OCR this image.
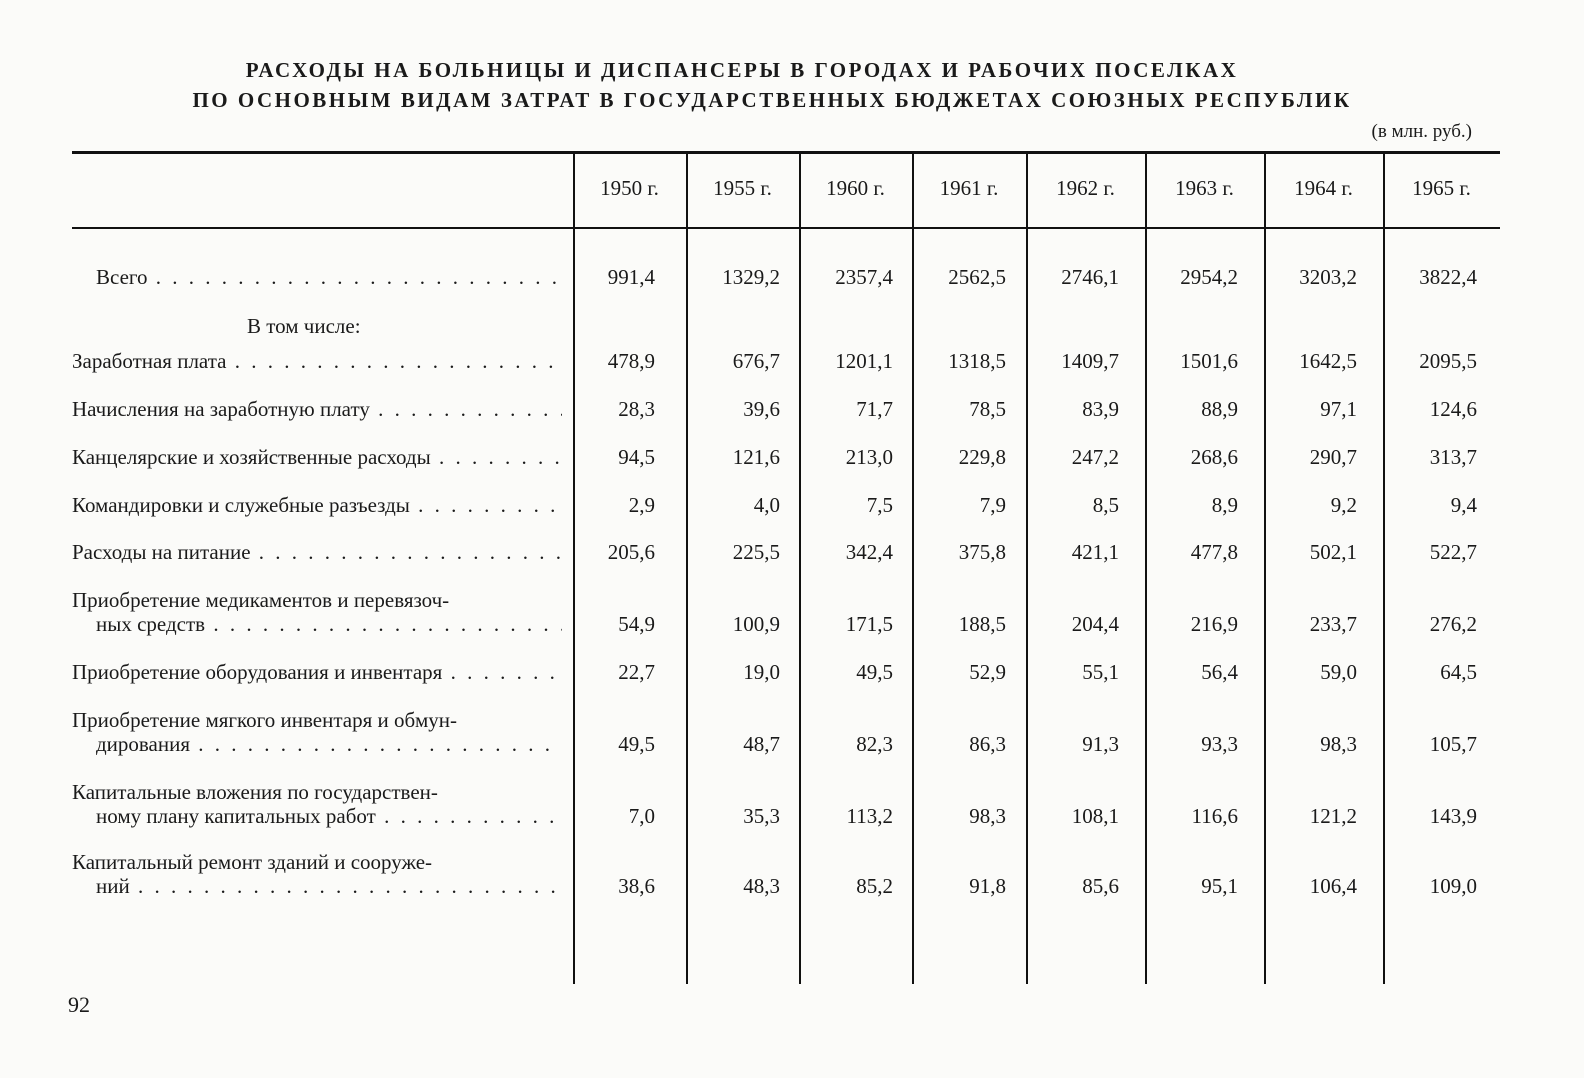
РАСХОДЫ НА БОЛЬНИЦЫ И ДИСПАНСЕРЫ В ГОРОДАХ И РАБОЧИХ ПОСЕЛКАХ
ПО ОСНОВНЫМ ВИДАМ ЗАТРАТ В ГОСУДАРСТВЕННЫХ БЮДЖЕТАХ СОЮЗНЫХ РЕСПУБЛИК
(в млн. руб.)
1950 г.	1955 г.	1960 г.	1961 г.	1962 г.	1963 г.	1964 г.	1965 г.
В том числе:
Всего . . .	991,4	1329,2	2357,4	2562,5	2746,1	2954,2	3203,2	3822,4
Заработная плата . . .	478,9	676,7	1201,1	1318,5	1409,7	1501,6	1642,5	2095,5
Начисления на заработную плату . . .	28,3	39,6	71,7	78,5	83,9	88,9	97,1	124,6
Канцелярские и хозяйственные расходы . . .	94,5	121,6	213,0	229,8	247,2	268,6	290,7	313,7
Командировки и служебные разъезды . . .	2,9	4,0	7,5	7,9	8,5	8,9	9,2	9,4
Расходы на питание . . .	205,6	225,5	342,4	375,8	421,1	477,8	502,1	522,7
Приобретение медикаментов и перевязоч-
ных средств . . .	54,9	100,9	171,5	188,5	204,4	216,9	233,7	276,2
Приобретение оборудования и инвентаря . . .	22,7	19,0	49,5	52,9	55,1	56,4	59,0	64,5
Приобретение мягкого инвентаря и обмун-
дирования . . .	49,5	48,7	82,3	86,3	91,3	93,3	98,3	105,7
Капитальные вложения по государствен-
ному плану капитальных работ . . .	7,0	35,3	113,2	98,3	108,1	116,6	121,2	143,9
Капитальный ремонт зданий и сооруже-
ний . . .	38,6	48,3	85,2	91,8	85,6	95,1	106,4	109,0
92
